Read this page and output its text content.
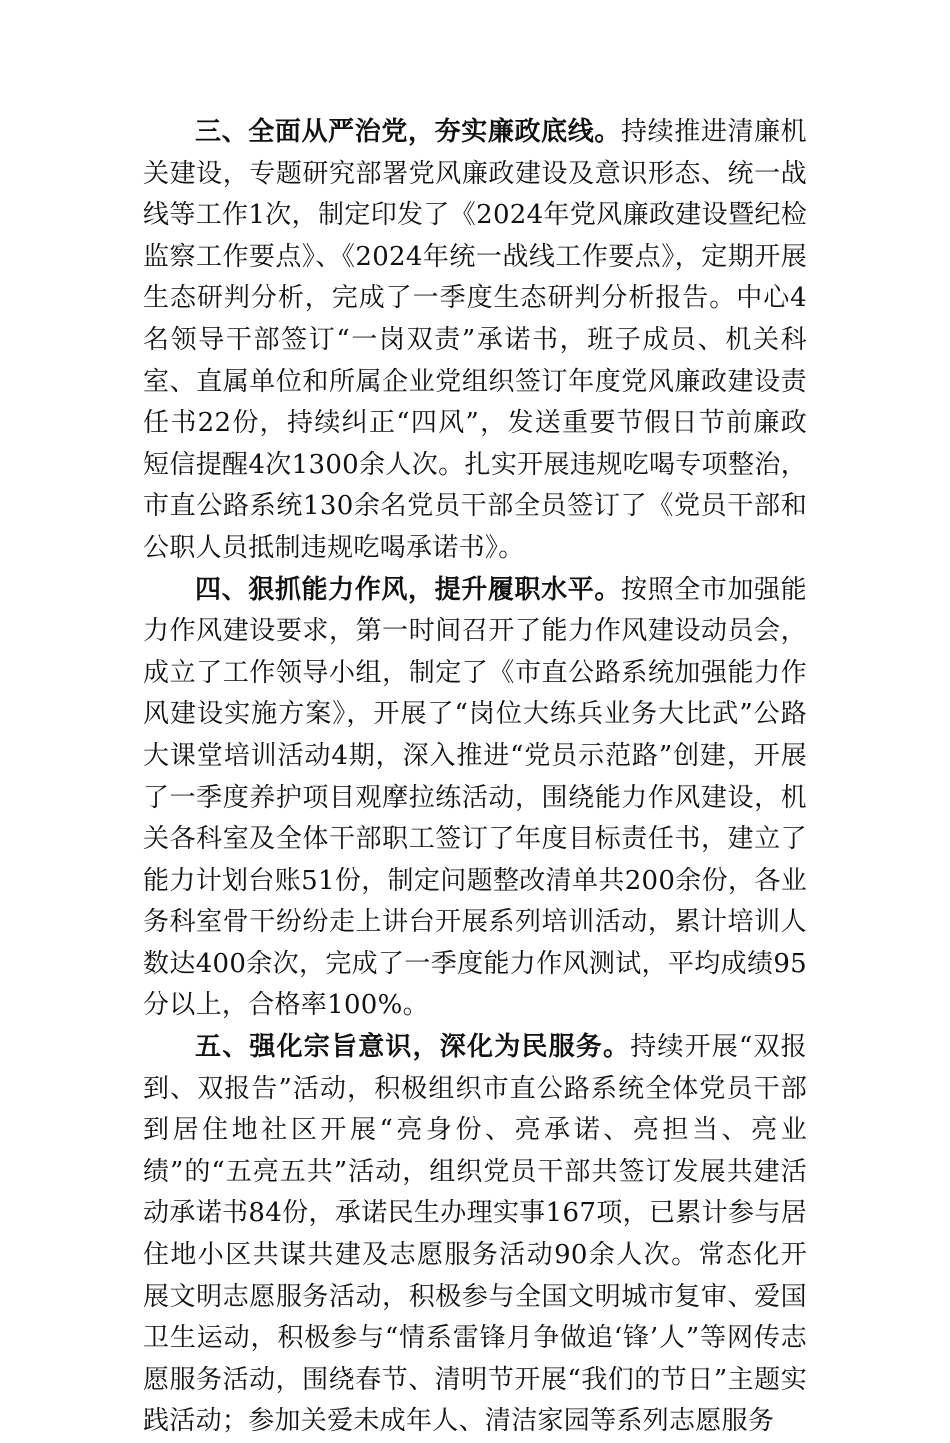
三、全面从严治党，夯实廉政底线。持续推进清廉机关建设，专题研究部署党风廉政建设及意识形态、统一战线等工作1次，制定印发了《2024年党风廉政建设暨纪检监察工作要点》、《2024年统一战线工作要点》，定期开展生态研判分析，完成了一季度生态研判分析报告。中心4名领导干部签订“一岗双责”承诺书，班子成员、机关科室、直属单位和所属企业党组织签订年度党风廉政建设责任书22份，持续纠正“四风”，发送重要节假日节前廉政短信提醒4次1300余人次。扎实开展违规吃喝专项整治，市直公路系统130余名党员干部全员签订了《党员干部和公职人员抵制违规吃喝承诺书》。

四、狠抓能力作风，提升履职水平。按照全市加强能力作风建设要求，第一时间召开了能力作风建设动员会，成立了工作领导小组，制定了《市直公路系统加强能力作风建设实施方案》，开展了“岗位大练兵业务大比武”公路大课堂培训活动4期，深入推进“党员示范路”创建，开展了一季度养护项目观摩拉练活动，围绕能力作风建设，机关各科室及全体干部职工签订了年度目标责任书，建立了能力计划台账51份，制定问题整改清单共200余份，各业务科室骨干纷纷走上讲台开展系列培训活动，累计培训人数达400余次，完成了一季度能力作风测试，平均成绩95分以上，合格率100%。

五、强化宗旨意识，深化为民服务。持续开展“双报到、双报告”活动，积极组织市直公路系统全体党员干部到居住地社区开展“亮身份、亮承诺、亮担当、亮业绩”的“五亮五共”活动，组织党员干部共签订发展共建活动承诺书84份，承诺民生办理实事167项，已累计参与居住地小区共谋共建及志愿服务活动90余人次。常态化开展文明志愿服务活动，积极参与全国文明城市复审、爱国卫生运动，积极参与“情系雷锋月争做追‘锋’人”等网传志愿服务活动，围绕春节、清明节开展“我们的节日”主题实践活动；参加关爱未成年人、清洁家园等系列志愿服务
